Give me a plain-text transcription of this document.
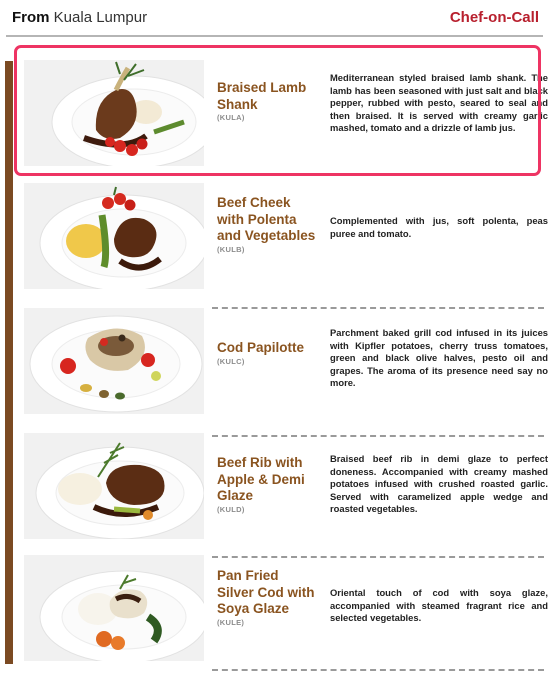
From Kuala Lumpur	Chef-on-Call
Braised Lamb Shank
(KULA)
Mediterranean styled braised lamb shank. The lamb has been seasoned with just salt and black pepper, rubbed with pesto, seared to seal and then braised. It is served with creamy garlic mashed, tomato and a drizzle of lamb jus.
Beef Cheek with Polenta and Vegetables
(KULB)
Complemented with jus, soft polenta, peas puree and tomato.
Cod Papilotte
(KULC)
Parchment baked grill cod infused in its juices with Kipfler potatoes, cherry truss tomatoes, green and black olive halves, pesto oil and grapes. The aroma of its presence need say no more.
Beef Rib with Apple & Demi Glaze
(KULD)
Braised beef rib in demi glaze to perfect doneness. Accompanied with creamy mashed potatoes infused with crushed roasted garlic. Served with caramelized apple wedge and roasted vegetables.
Pan Fried Silver Cod with Soya Glaze
(KULE)
Oriental touch of cod with soya glaze, accompanied with steamed fragrant rice and selected vegetables.
